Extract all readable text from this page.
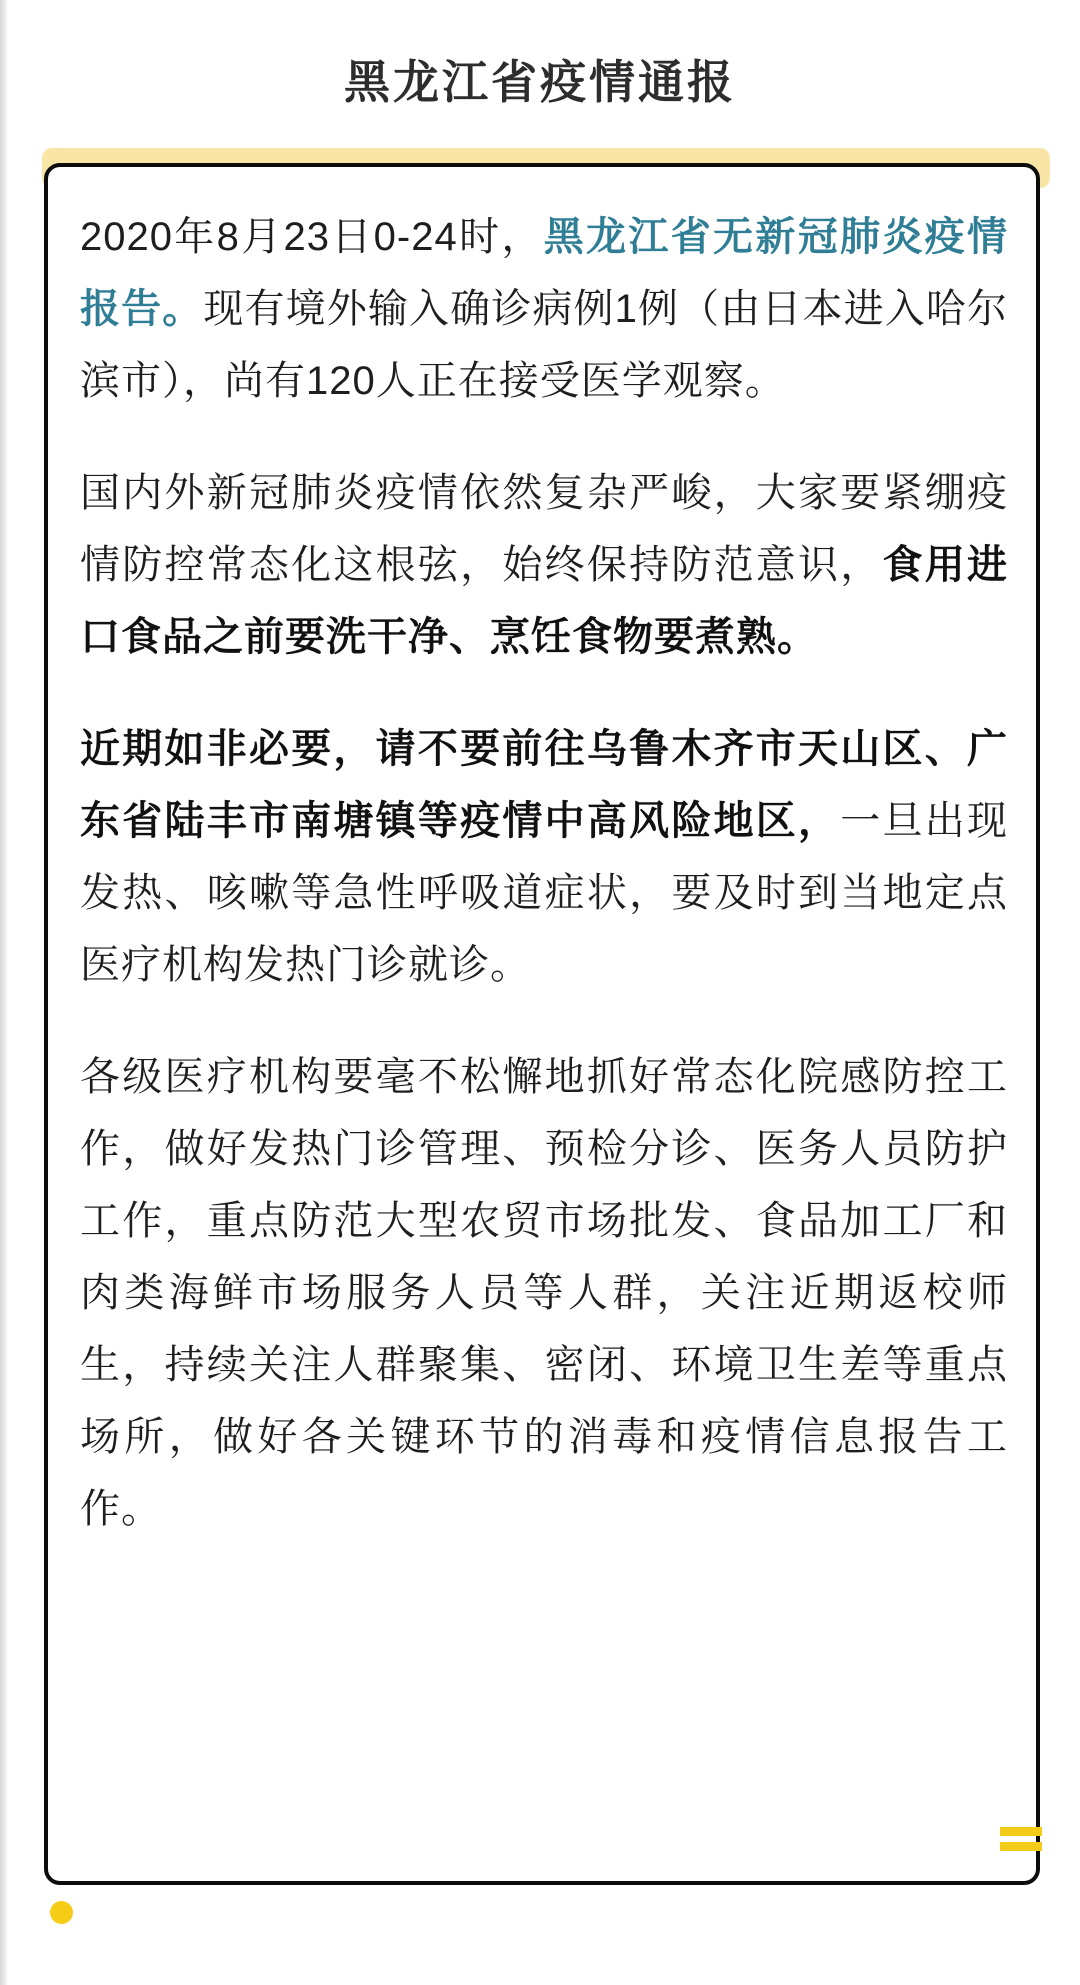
黑龙江省疫情通报

2020年8月23日0-24时，黑龙江省无新冠肺炎疫情报告。现有境外输入确诊病例1例（由日本进入哈尔滨市），尚有120人正在接受医学观察。

国内外新冠肺炎疫情依然复杂严峻，大家要紧绷疫情防控常态化这根弦，始终保持防范意识，食用进口食品之前要洗干净、烹饪食物要煮熟。

近期如非必要，请不要前往乌鲁木齐市天山区、广东省陆丰市南塘镇等疫情中高风险地区，一旦出现发热、咳嗽等急性呼吸道症状，要及时到当地定点医疗机构发热门诊就诊。

各级医疗机构要毫不松懈地抓好常态化院感防控工作，做好发热门诊管理、预检分诊、医务人员防护工作，重点防范大型农贸市场批发、食品加工厂和肉类海鲜市场服务人员等人群，关注近期返校师生，持续关注人群聚集、密闭、环境卫生差等重点场所，做好各关键环节的消毒和疫情信息报告工作。
